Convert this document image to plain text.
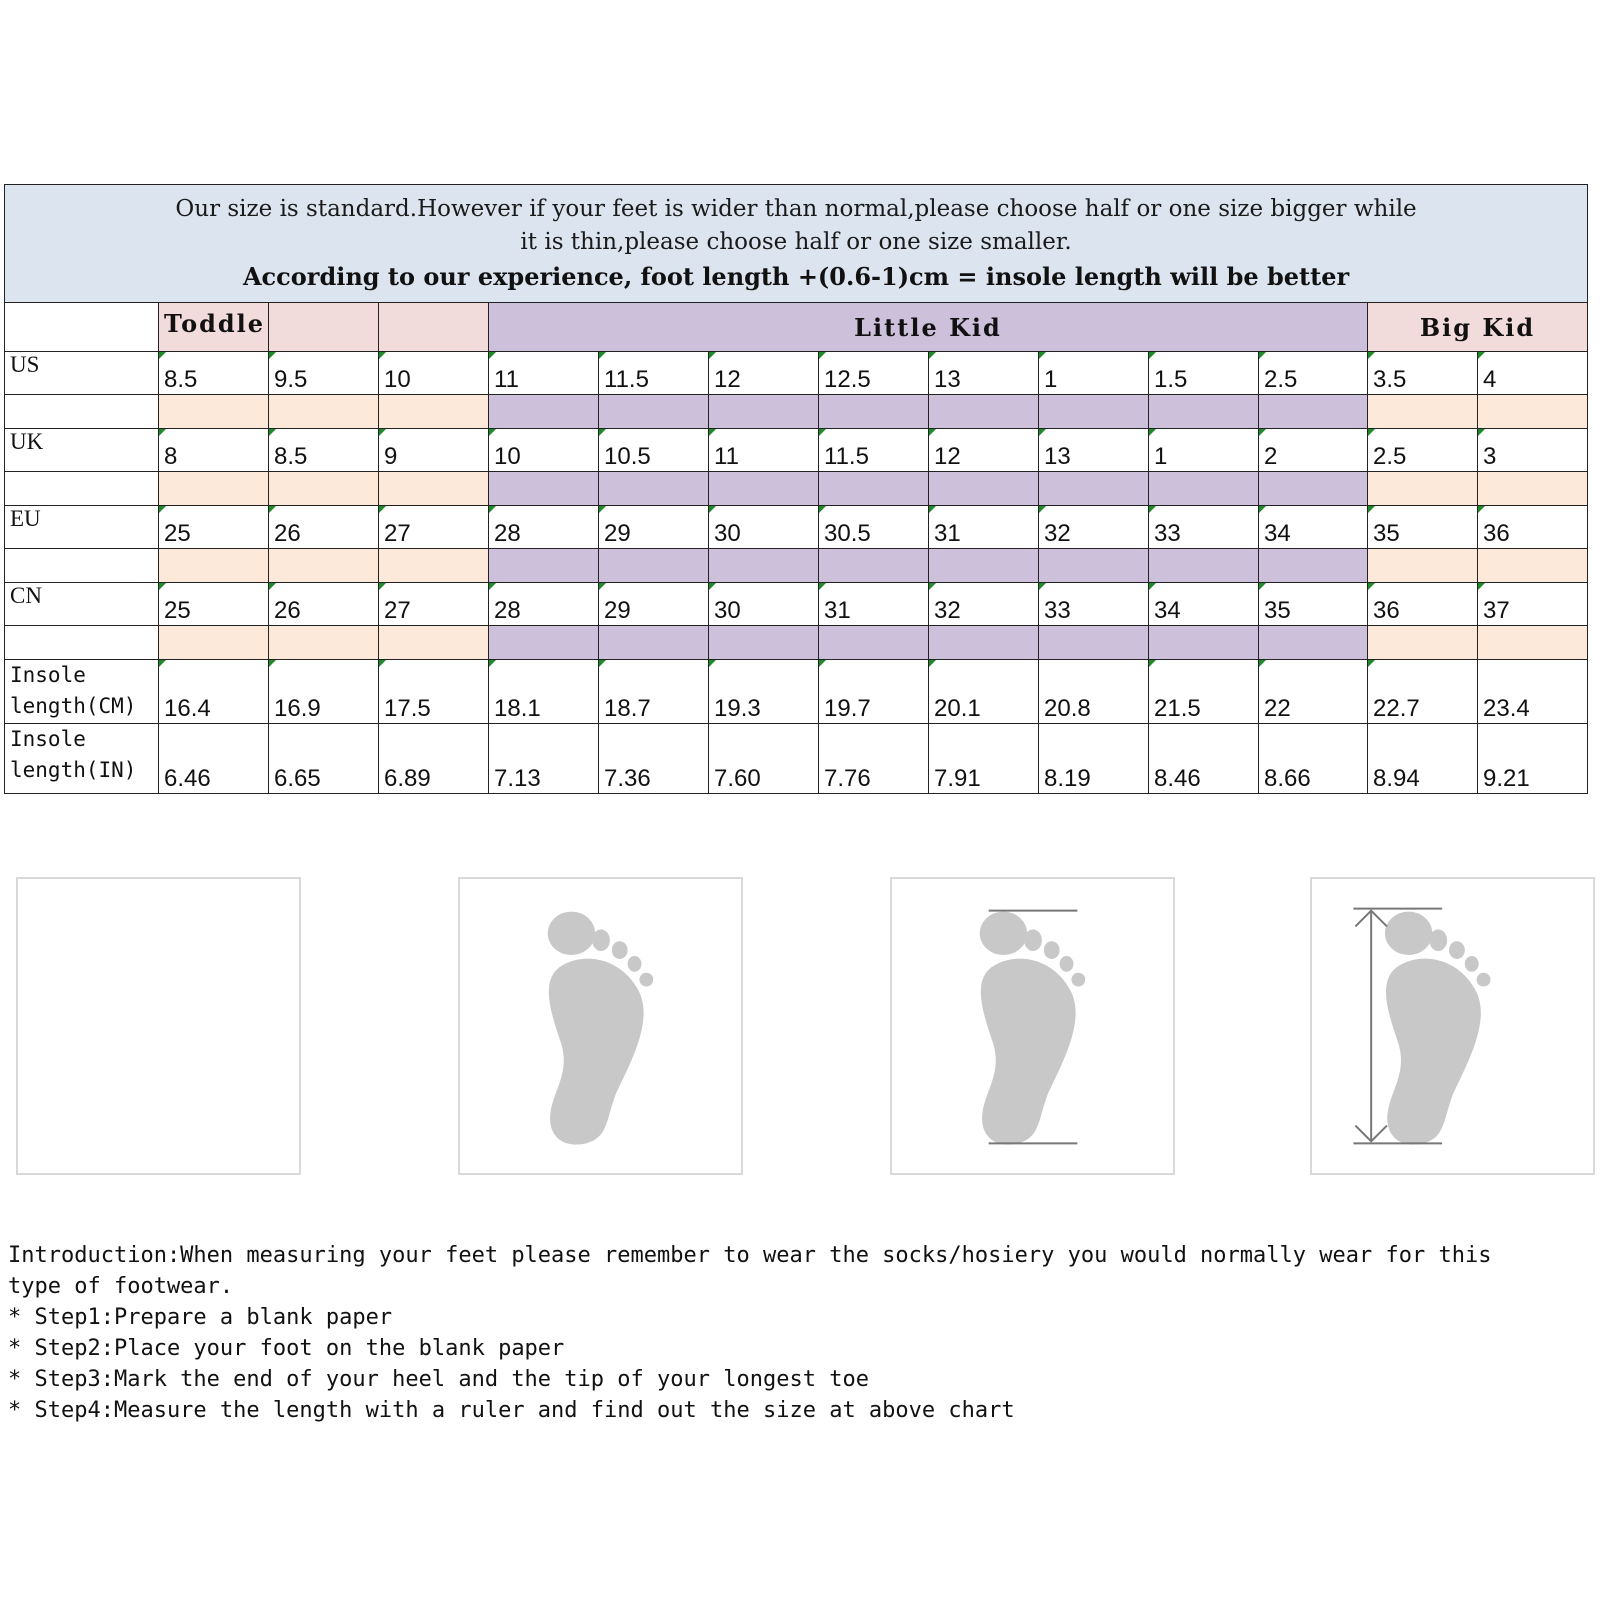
Our size is standard.However if your feet is wider than normal,please choose half or one size bigger while
it is thin,please choose half or one size smaller.
According to our experience, foot length +(0.6-1)cm = insole length will be better													

	Toddle			Little Kid								Big Kid	
US	8.5	9.5	10	11	11.5	12	12.5	13	1	1.5	2.5	3.5	4

UK	8	8.5	9	10	10.5	11	11.5	12	13	1	2	2.5	3

EU	25	26	27	28	29	30	30.5	31	32	33	34	35	36

CN	25	26	27	28	29	30	31	32	33	34	35	36	37

Insole
length(CM)	16.4	16.9	17.5	18.1	18.7	19.3	19.7	20.1	20.8	21.5	22	22.7	23.4

Insole
length(IN)	6.46	6.65	6.89	7.13	7.36	7.60	7.76	7.91	8.19	8.46	8.66	8.94	9.21
Introduction:When measuring your feet please remember to wear the socks/hosiery you would normally wear for this
type of footwear.
* Step1:Prepare a blank paper
* Step2:Place your foot on the blank paper
* Step3:Mark the end of your heel and the tip of your longest toe
* Step4:Measure the length with a ruler and find out the size at above chart
